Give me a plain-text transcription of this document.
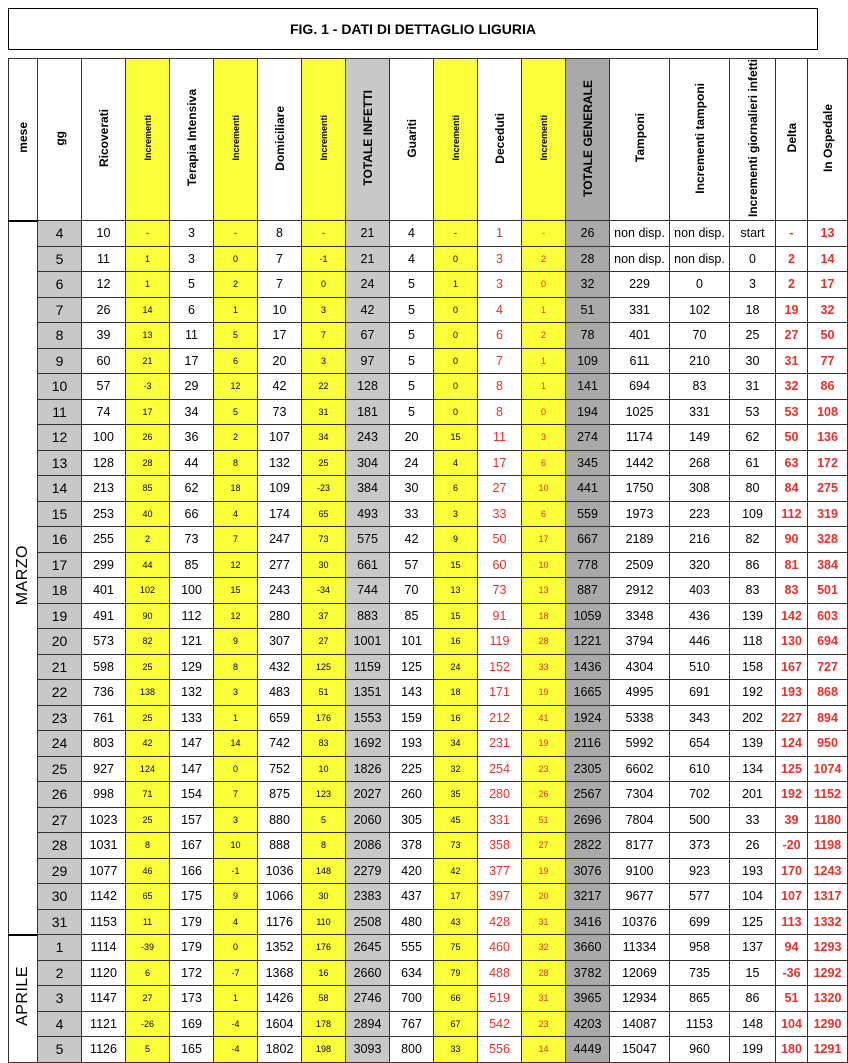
FIG. 1 - DATI DI DETTAGLIO LIGURIA
mese	gg	Ricoverati	Incrementi	Terapia Intensiva	Incrementi	Domiciliare	Incrementi	TOTALE INFETTI	Guariti	Incrementi	Deceduti	Incrementi	TOTALE GENERALE	Tamponi	Incrementi tamponi	Incrementi giornalieri infetti	Delta	In Ospedale
MARZO	4	10	-	3	-	8	-	21	4	-	1	-	26	non disp.	non disp.	start	-	13
	5	11	1	3	0	7	-1	21	4	0	3	2	28	non disp.	non disp.	0	2	14
	6	12	1	5	2	7	0	24	5	1	3	0	32	229	0	3	2	17
	7	26	14	6	1	10	3	42	5	0	4	1	51	331	102	18	19	32
	8	39	13	11	5	17	7	67	5	0	6	2	78	401	70	25	27	50
	9	60	21	17	6	20	3	97	5	0	7	1	109	611	210	30	31	77
	10	57	-3	29	12	42	22	128	5	0	8	1	141	694	83	31	32	86
	11	74	17	34	5	73	31	181	5	0	8	0	194	1025	331	53	53	108
	12	100	26	36	2	107	34	243	20	15	11	3	274	1174	149	62	50	136
	13	128	28	44	8	132	25	304	24	4	17	6	345	1442	268	61	63	172
	14	213	85	62	18	109	-23	384	30	6	27	10	441	1750	308	80	84	275
	15	253	40	66	4	174	65	493	33	3	33	6	559	1973	223	109	112	319
	16	255	2	73	7	247	73	575	42	9	50	17	667	2189	216	82	90	328
	17	299	44	85	12	277	30	661	57	15	60	10	778	2509	320	86	81	384
	18	401	102	100	15	243	-34	744	70	13	73	13	887	2912	403	83	83	501
	19	491	90	112	12	280	37	883	85	15	91	18	1059	3348	436	139	142	603
	20	573	82	121	9	307	27	1001	101	16	119	28	1221	3794	446	118	130	694
	21	598	25	129	8	432	125	1159	125	24	152	33	1436	4304	510	158	167	727
	22	736	138	132	3	483	51	1351	143	18	171	19	1665	4995	691	192	193	868
	23	761	25	133	1	659	176	1553	159	16	212	41	1924	5338	343	202	227	894
	24	803	42	147	14	742	83	1692	193	34	231	19	2116	5992	654	139	124	950
	25	927	124	147	0	752	10	1826	225	32	254	23	2305	6602	610	134	125	1074
	26	998	71	154	7	875	123	2027	260	35	280	26	2567	7304	702	201	192	1152
	27	1023	25	157	3	880	5	2060	305	45	331	51	2696	7804	500	33	39	1180
	28	1031	8	167	10	888	8	2086	378	73	358	27	2822	8177	373	26	-20	1198
	29	1077	46	166	-1	1036	148	2279	420	42	377	19	3076	9100	923	193	170	1243
	30	1142	65	175	9	1066	30	2383	437	17	397	20	3217	9677	577	104	107	1317
	31	1153	11	179	4	1176	110	2508	480	43	428	31	3416	10376	699	125	113	1332
APRILE	1	1114	-39	179	0	1352	176	2645	555	75	460	32	3660	11334	958	137	94	1293
	2	1120	6	172	-7	1368	16	2660	634	79	488	28	3782	12069	735	15	-36	1292
	3	1147	27	173	1	1426	58	2746	700	66	519	31	3965	12934	865	86	51	1320
	4	1121	-26	169	-4	1604	178	2894	767	67	542	23	4203	14087	1153	148	104	1290
	5	1126	5	165	-4	1802	198	3093	800	33	556	14	4449	15047	960	199	180	1291
